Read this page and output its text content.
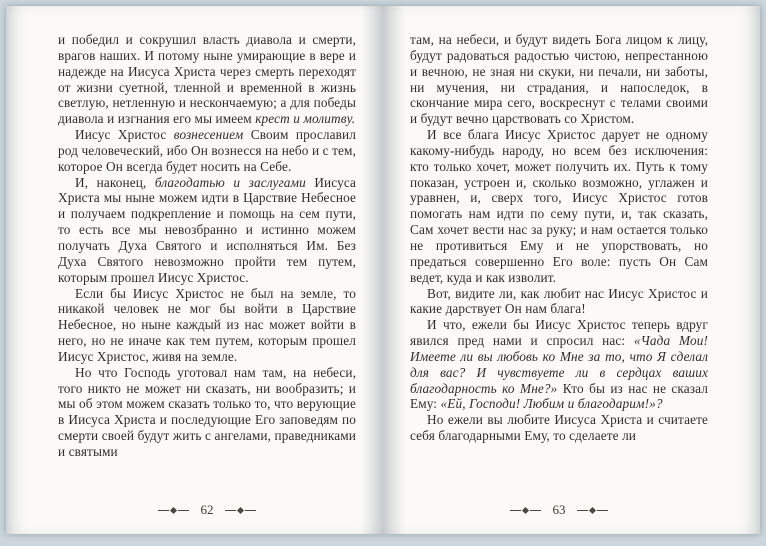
и победил и сокрушил власть диавола и смерти, врагов наших. И потому ныне умирающие в вере и надежде на Иисуса Христа через смерть переходят от жизни суетной, тленной и временной в жизнь светлую, нетленную и нескончаемую; а для победы диавола и изгнания его мы имеем крест и молитву.

Иисус Христос вознесением Своим прославил род человеческий, ибо Он вознесся на небо и с тем, которое Он всегда будет носить на Себе.

И, наконец, благодатью и заслугами Иисуса Христа мы ныне можем идти в Царствие Небесное и получаем подкрепление и помощь на сем пути, то есть все мы невозбранно и истинно можем получать Духа Святого и исполняться Им. Без Духа Святого невозможно пройти тем путем, которым прошел Иисус Христос.

Если бы Иисус Христос не был на земле, то никакой человек не мог бы войти в Царствие Небесное, но ныне каждый из нас может войти в него, но не иначе как тем путем, которым прошел Иисус Христос, живя на земле.

Но что Господь уготовал нам там, на небеси, того никто не может ни сказать, ни вообразить; и мы об этом можем сказать только то, что верующие в Иисуса Христа и последующие Его заповедям по смерти своей будут жить с ангелами, праведниками и святыми

62

там, на небеси, и будут видеть Бога лицом к лицу, будут радоваться радостью чистою, непрестанною и вечною, не зная ни скуки, ни печали, ни заботы, ни мучения, ни страдания, и напоследок, в скончание мира сего, воскреснут с телами своими и будут вечно царствовать со Христом.

И все блага Иисус Христос дарует не одному какому-нибудь народу, но всем без исключения: кто только хочет, может получить их. Путь к тому показан, устроен и, сколько возможно, углажен и уравнен, и, сверх того, Иисус Христос готов помогать нам идти по сему пути, и, так сказать, Сам хочет вести нас за руку; и нам остается только не противиться Ему и не упорствовать, но предаться совершенно Его воле: пусть Он Сам ведет, куда и как изволит.

Вот, видите ли, как любит нас Иисус Христос и какие дарствует Он нам блага!

И что, ежели бы Иисус Христос теперь вдруг явился пред нами и спросил нас: «Чада Мои! Имеете ли вы любовь ко Мне за то, что Я сделал для вас? И чувствуете ли в сердцах ваших благодарность ко Мне?» Кто бы из нас не сказал Ему: «Ей, Господи! Любим и благодарим!»?

Но ежели вы любите Иисуса Христа и считаете себя благодарными Ему, то сделаете ли

63
